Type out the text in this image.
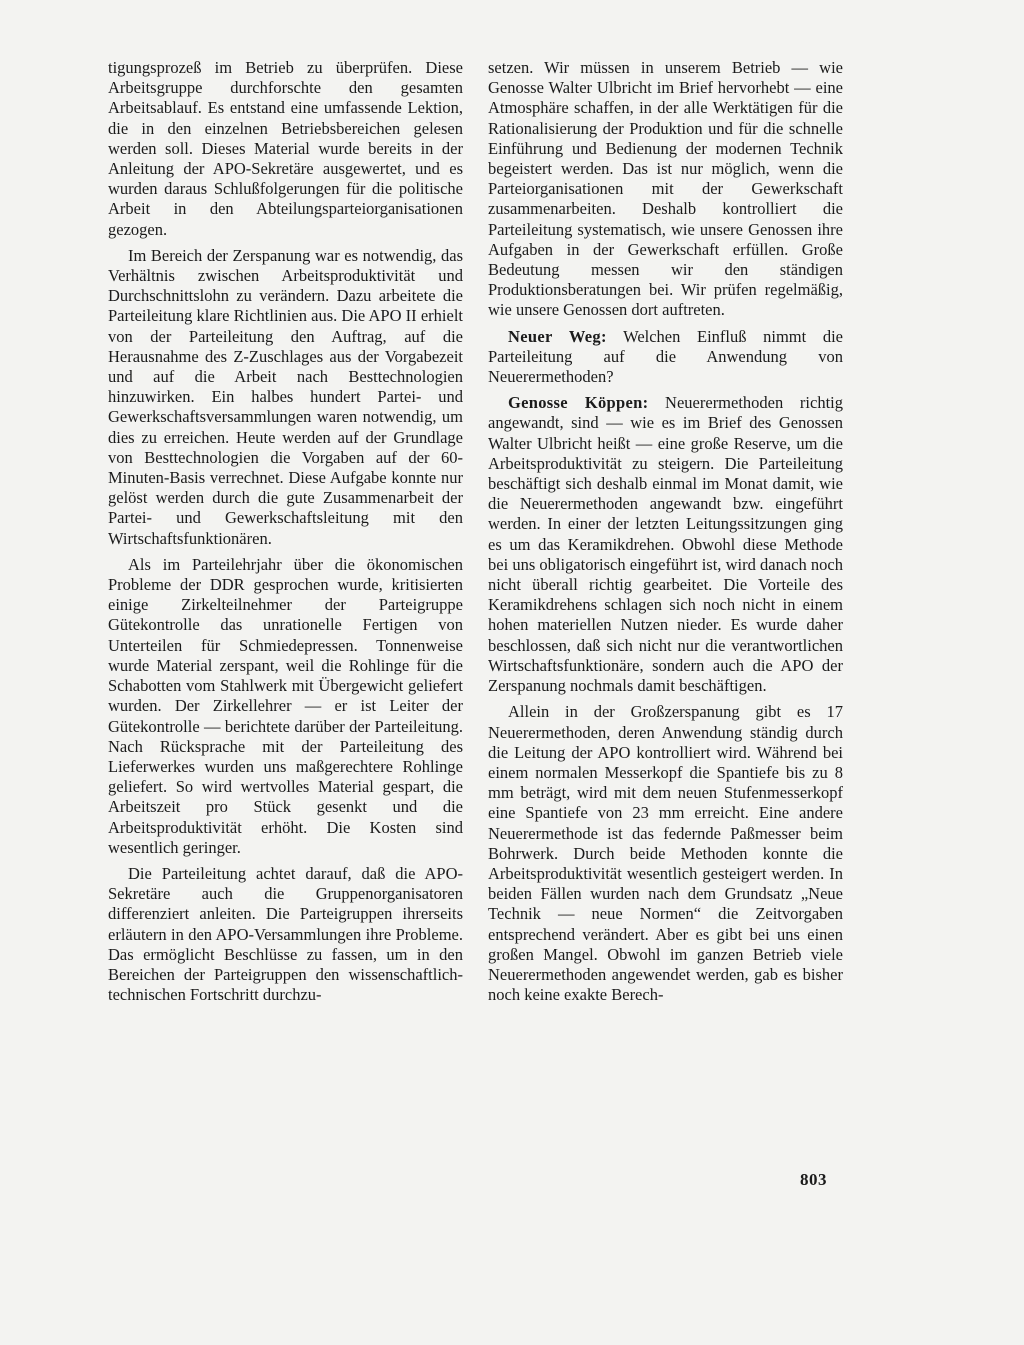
tigungsprozeß im Betrieb zu überprüfen. Diese Arbeitsgruppe durchforschte den gesamten Arbeitsablauf. Es entstand eine umfassende Lektion, die in den einzelnen Betriebsbereichen gelesen werden soll. Dieses Material wurde bereits in der Anleitung der APO-Sekretäre ausgewertet, und es wurden daraus Schlußfolgerungen für die politische Arbeit in den Abteilungsparteiorganisationen gezogen.

Im Bereich der Zerspanung war es notwendig, das Verhältnis zwischen Arbeitsproduktivität und Durchschnittslohn zu verändern. Dazu arbeitete die Parteileitung klare Richtlinien aus. Die APO II erhielt von der Parteileitung den Auftrag, auf die Herausnahme des Z-Zuschlages aus der Vorgabezeit und auf die Arbeit nach Besttechnologien hinzuwirken. Ein halbes hundert Partei- und Gewerkschaftsversammlungen waren notwendig, um dies zu erreichen. Heute werden auf der Grundlage von Besttechnologien die Vorgaben auf der 60-Minuten-Basis verrechnet. Diese Aufgabe konnte nur gelöst werden durch die gute Zusammenarbeit der Partei- und Gewerkschaftsleitung mit den Wirtschaftsfunktionären.

Als im Parteilehrjahr über die ökonomischen Probleme der DDR gesprochen wurde, kritisierten einige Zirkelteilnehmer der Parteigruppe Gütekontrolle das unrationelle Fertigen von Unterteilen für Schmiedepressen. Tonnenweise wurde Material zerspant, weil die Rohlinge für die Schabotten vom Stahlwerk mit Übergewicht geliefert wurden. Der Zirkellehrer — er ist Leiter der Gütekontrolle — berichtete darüber der Parteileitung. Nach Rücksprache mit der Parteileitung des Lieferwerkes wurden uns maßgerechtere Rohlinge geliefert. So wird wertvolles Material gespart, die Arbeitszeit pro Stück gesenkt und die Arbeitsproduktivität erhöht. Die Kosten sind wesentlich geringer.

Die Parteileitung achtet darauf, daß die APO-Sekretäre auch die Gruppenorganisatoren differenziert anleiten. Die Parteigruppen ihrerseits erläutern in den APO-Versammlungen ihre Probleme. Das ermöglicht Beschlüsse zu fassen, um in den Bereichen der Parteigruppen den wissenschaftlich-technischen Fortschritt durchzu-

setzen. Wir müssen in unserem Betrieb — wie Genosse Walter Ulbricht im Brief hervorhebt — eine Atmosphäre schaffen, in der alle Werktätigen für die Rationalisierung der Produktion und für die schnelle Einführung und Bedienung der modernen Technik begeistert werden. Das ist nur möglich, wenn die Parteiorganisationen mit der Gewerkschaft zusammenarbeiten. Deshalb kontrolliert die Parteileitung systematisch, wie unsere Genossen ihre Aufgaben in der Gewerkschaft erfüllen. Große Bedeutung messen wir den ständigen Produktionsberatungen bei. Wir prüfen regelmäßig, wie unsere Genossen dort auftreten.

Neuer Weg: Welchen Einfluß nimmt die Parteileitung auf die Anwendung von Neuerermethoden?

Genosse Köppen: Neuerermethoden richtig angewandt, sind — wie es im Brief des Genossen Walter Ulbricht heißt — eine große Reserve, um die Arbeitsproduktivität zu steigern. Die Parteileitung beschäftigt sich deshalb einmal im Monat damit, wie die Neuerermethoden angewandt bzw. eingeführt werden. In einer der letzten Leitungssitzungen ging es um das Keramikdrehen. Obwohl diese Methode bei uns obligatorisch eingeführt ist, wird danach noch nicht überall richtig gearbeitet. Die Vorteile des Keramikdrehens schlagen sich noch nicht in einem hohen materiellen Nutzen nieder. Es wurde daher beschlossen, daß sich nicht nur die verantwortlichen Wirtschaftsfunktionäre, sondern auch die APO der Zerspanung nochmals damit beschäftigen.

Allein in der Großzerspanung gibt es 17 Neuerermethoden, deren Anwendung ständig durch die Leitung der APO kontrolliert wird. Während bei einem normalen Messerkopf die Spantiefe bis zu 8 mm beträgt, wird mit dem neuen Stufenmesserkopf eine Spantiefe von 23 mm erreicht. Eine andere Neuerermethode ist das federnde Paßmesser beim Bohrwerk. Durch beide Methoden konnte die Arbeitsproduktivität wesentlich gesteigert werden. In beiden Fällen wurden nach dem Grundsatz „Neue Technik — neue Normen“ die Zeitvorgaben entsprechend verändert. Aber es gibt bei uns einen großen Mangel. Obwohl im ganzen Betrieb viele Neuerermethoden angewendet werden, gab es bisher noch keine exakte Berech-

803
